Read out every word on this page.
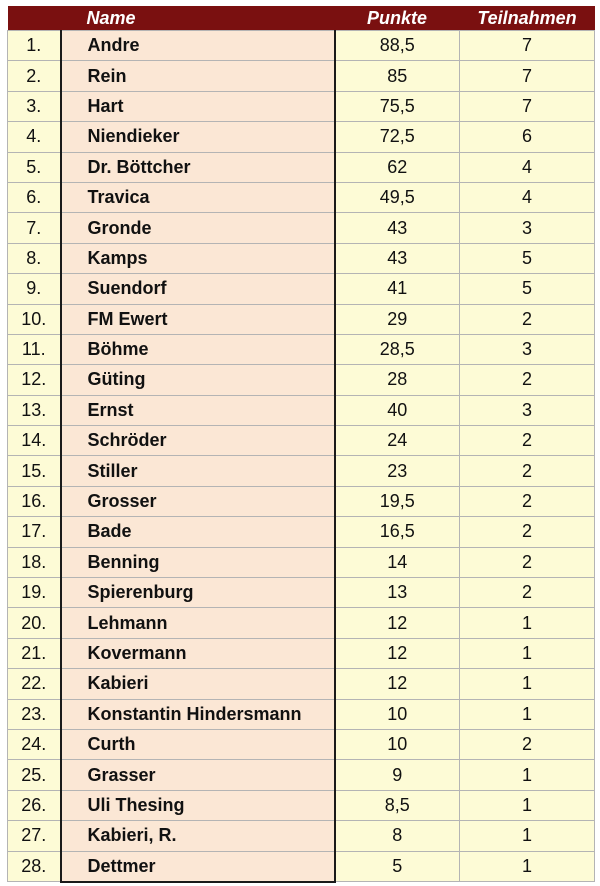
	Name	Punkte	Teilnahmen
1.	Andre	88,5	7
2.	Rein	85	7
3.	Hart	75,5	7
4.	Niendieker	72,5	6
5.	Dr. Böttcher	62	4
6.	Travica	49,5	4
7.	Gronde	43	3
8.	Kamps	43	5
9.	Suendorf	41	5
10.	FM Ewert	29	2
11.	Böhme	28,5	3
12.	Güting	28	2
13.	Ernst	40	3
14.	Schröder	24	2
15.	Stiller	23	2
16.	Grosser	19,5	2
17.	Bade	16,5	2
18.	Benning	14	2
19.	Spierenburg	13	2
20.	Lehmann	12	1
21.	Kovermann	12	1
22.	Kabieri	12	1
23.	Konstantin Hindersmann	10	1
24.	Curth	10	2
25.	Grasser	9	1
26.	Uli Thesing	8,5	1
27.	Kabieri, R.	8	1
28.	Dettmer	5	1
